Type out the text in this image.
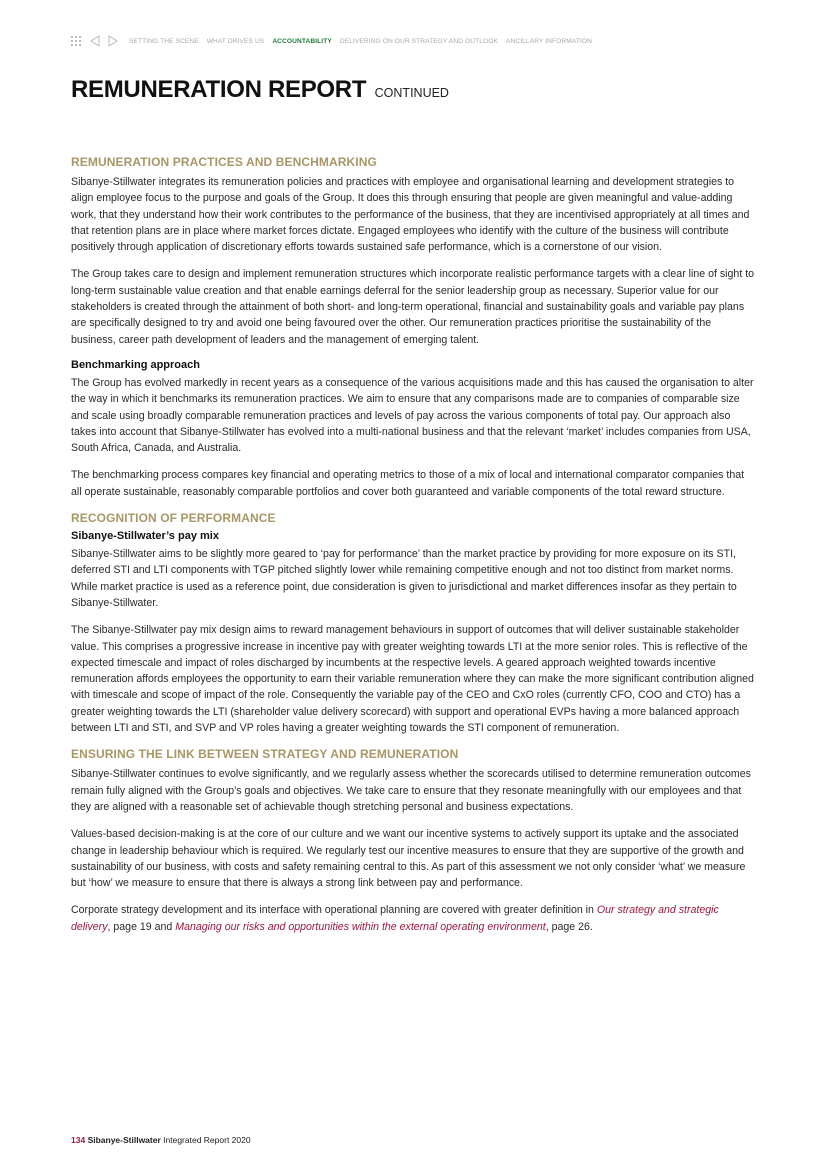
SETTING THE SCENE WHAT DRIVES US ACCOUNTABILITY DELIVERING ON OUR STRATEGY AND OUTLOOK ANCILLARY INFORMATION
REMUNERATION REPORT CONTINUED
REMUNERATION PRACTICES AND BENCHMARKING

Sibanye-Stillwater integrates its remuneration policies and practices with employee and organisational learning and development strategies to align employee focus to the purpose and goals of the Group. It does this through ensuring that people are given meaningful and value-adding work, that they understand how their work contributes to the performance of the business, that they are incentivised appropriately at all times and that retention plans are in place where market forces dictate. Engaged employees who identify with the culture of the business will contribute positively through application of discretionary efforts towards sustained safe performance, which is a cornerstone of our vision.

The Group takes care to design and implement remuneration structures which incorporate realistic performance targets with a clear line of sight to long-term sustainable value creation and that enable earnings deferral for the senior leadership group as necessary. Superior value for our stakeholders is created through the attainment of both short- and long-term operational, financial and sustainability goals and variable pay plans are specifically designed to try and avoid one being favoured over the other. Our remuneration practices prioritise the sustainability of the business, career path development of leaders and the management of emerging talent.

Benchmarking approach

The Group has evolved markedly in recent years as a consequence of the various acquisitions made and this has caused the organisation to alter the way in which it benchmarks its remuneration practices. We aim to ensure that any comparisons made are to companies of comparable size and scale using broadly comparable remuneration practices and levels of pay across the various components of total pay. Our approach also takes into account that Sibanye-Stillwater has evolved into a multi-national business and that the relevant ‘market’ includes companies from USA, South Africa, Canada, and Australia.

The benchmarking process compares key financial and operating metrics to those of a mix of local and international comparator companies that all operate sustainable, reasonably comparable portfolios and cover both guaranteed and variable components of the total reward structure.

RECOGNITION OF PERFORMANCE
Sibanye-Stillwater’s pay mix

Sibanye-Stillwater aims to be slightly more geared to ‘pay for performance’ than the market practice by providing for more exposure on its STI, deferred STI and LTI components with TGP pitched slightly lower while remaining competitive enough and not too distinct from market norms. While market practice is used as a reference point, due consideration is given to jurisdictional and market differences insofar as they pertain to Sibanye-Stillwater.

The Sibanye-Stillwater pay mix design aims to reward management behaviours in support of outcomes that will deliver sustainable stakeholder value. This comprises a progressive increase in incentive pay with greater weighting towards LTI at the more senior roles. This is reflective of the expected timescale and impact of roles discharged by incumbents at the respective levels. A geared approach weighted towards incentive remuneration affords employees the opportunity to earn their variable remuneration where they can make the more significant contribution aligned with timescale and scope of impact of the role. Consequently the variable pay of the CEO and CxO roles (currently CFO, COO and CTO) has a greater weighting towards the LTI (shareholder value delivery scorecard) with support and operational EVPs having a more balanced approach between LTI and STI, and SVP and VP roles having a greater weighting towards the STI component of remuneration.

ENSURING THE LINK BETWEEN STRATEGY AND REMUNERATION

Sibanye-Stillwater continues to evolve significantly, and we regularly assess whether the scorecards utilised to determine remuneration outcomes remain fully aligned with the Group’s goals and objectives. We take care to ensure that they resonate meaningfully with our employees and that they are aligned with a reasonable set of achievable though stretching personal and business expectations.

Values-based decision-making is at the core of our culture and we want our incentive systems to actively support its uptake and the associated change in leadership behaviour which is required. We regularly test our incentive measures to ensure that they are supportive of the growth and sustainability of our business, with costs and safety remaining central to this. As part of this assessment we not only consider ‘what’ we measure but ‘how’ we measure to ensure that there is always a strong link between pay and performance.

Corporate strategy development and its interface with operational planning are covered with greater definition in Our strategy and strategic delivery, page 19 and Managing our risks and opportunities within the external operating environment, page 26.

134 Sibanye-Stillwater Integrated Report 2020
